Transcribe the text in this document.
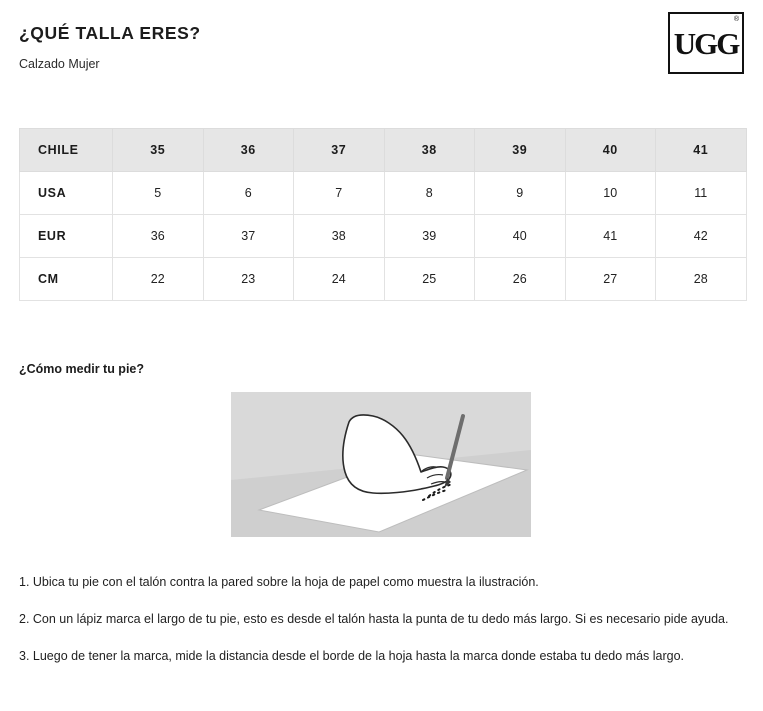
¿QUÉ TALLA ERES?

Calzado Mujer

UGG
®
CHILE	35	36	37	38	39	40	41
USA	5	6	7	8	9	10	11
EUR	36	37	38	39	40	41	42
CM	22	23	24	25	26	27	28
¿Cómo medir tu pie?
1. Ubica tu pie con el talón contra la pared sobre la hoja de papel como muestra la ilustración.
2. Con un lápiz marca el largo de tu pie, esto es desde el talón hasta la punta de tu dedo más largo. Si es necesario pide ayuda.
3. Luego de tener la marca, mide la distancia desde el borde de la hoja hasta la marca donde estaba tu dedo más largo.
